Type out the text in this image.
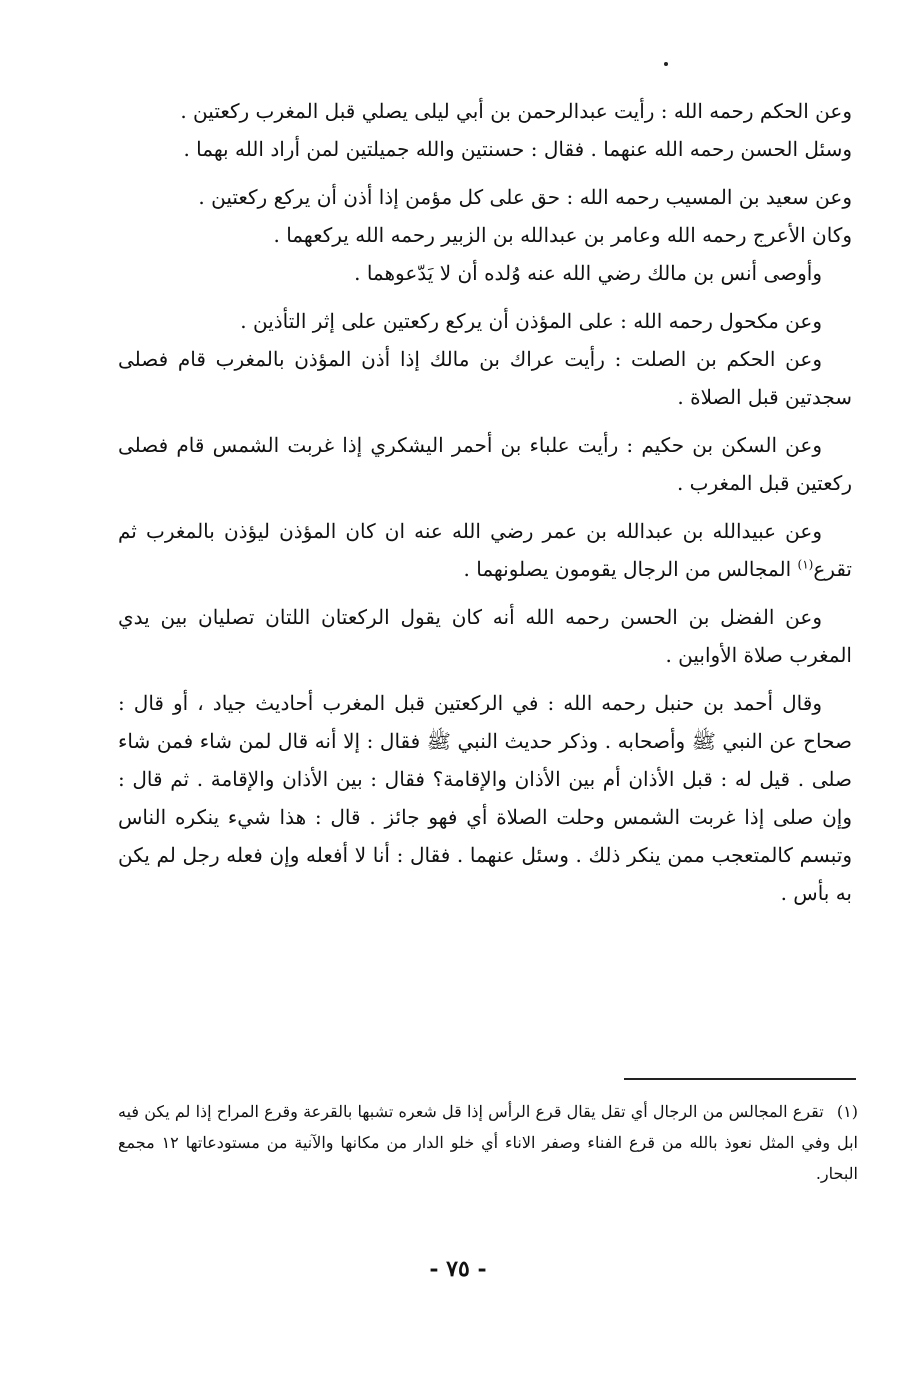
وعن الحكم رحمه الله : رأيت عبدالرحمن بن أبي ليلى يصلي قبل المغرب ركعتين .

وسئل الحسن رحمه الله عنهما . فقال : حسنتين والله جميلتين لمن أراد الله بهما .

وعن سعيد بن المسيب رحمه الله : حق على كل مؤمن إذا أذن أن يركع ركعتين .

وكان الأعرج رحمه الله وعامر بن عبدالله بن الزبير رحمه الله يركعهما .

وأوصى أنس بن مالك رضي الله عنه وُلده أن لا يَدّعوهما .

وعن مكحول رحمه الله : على المؤذن أن يركع ركعتين على إثر التأذين .

وعن الحكم بن الصلت : رأيت عراك بن مالك إذا أذن المؤذن بالمغرب قام فصلى سجدتين قبل الصلاة .

وعن السكن بن حكيم : رأيت علباء بن أحمر اليشكري إذا غربت الشمس قام فصلى ركعتين قبل المغرب .

وعن عبيدالله بن عبدالله بن عمر رضي الله عنه ان كان المؤذن ليؤذن بالمغرب ثم تقرع$^{(١)}$ المجالس من الرجال يقومون يصلونهما .

وعن الفضل بن الحسن رحمه الله أنه كان يقول الركعتان اللتان تصليان بين يدي المغرب صلاة الأوابين .

وقال أحمد بن حنبل رحمه الله : في الركعتين قبل المغرب أحاديث جياد ، أو قال : صحاح عن النبي ﷺ وأصحابه . وذكر حديث النبي ﷺ فقال : إلا أنه قال لمن شاء فمن شاء صلى . قيل له : قبل الأذان أم بين الأذان والإقامة؟ فقال : بين الأذان والإقامة . ثم قال : وإن صلى إذا غربت الشمس وحلت الصلاة أي فهو جائز . قال : هذا شيء ينكره الناس وتبسم كالمتعجب ممن ينكر ذلك . وسئل عنهما . فقال : أنا لا أفعله وإن فعله رجل لم يكن به بأس .

(١) تقرع المجالس من الرجال أي تقل يقال قرع الرأس إذا قل شعره تشبها بالقرعة وقرع المراح إذا لم يكن فيه ابل وفي المثل نعوذ بالله من قرع الفناء وصفر الاناء أي خلو الدار من مكانها والآنية من مستودعاتها ١٢ مجمع البحار.
- ٧٥ -
